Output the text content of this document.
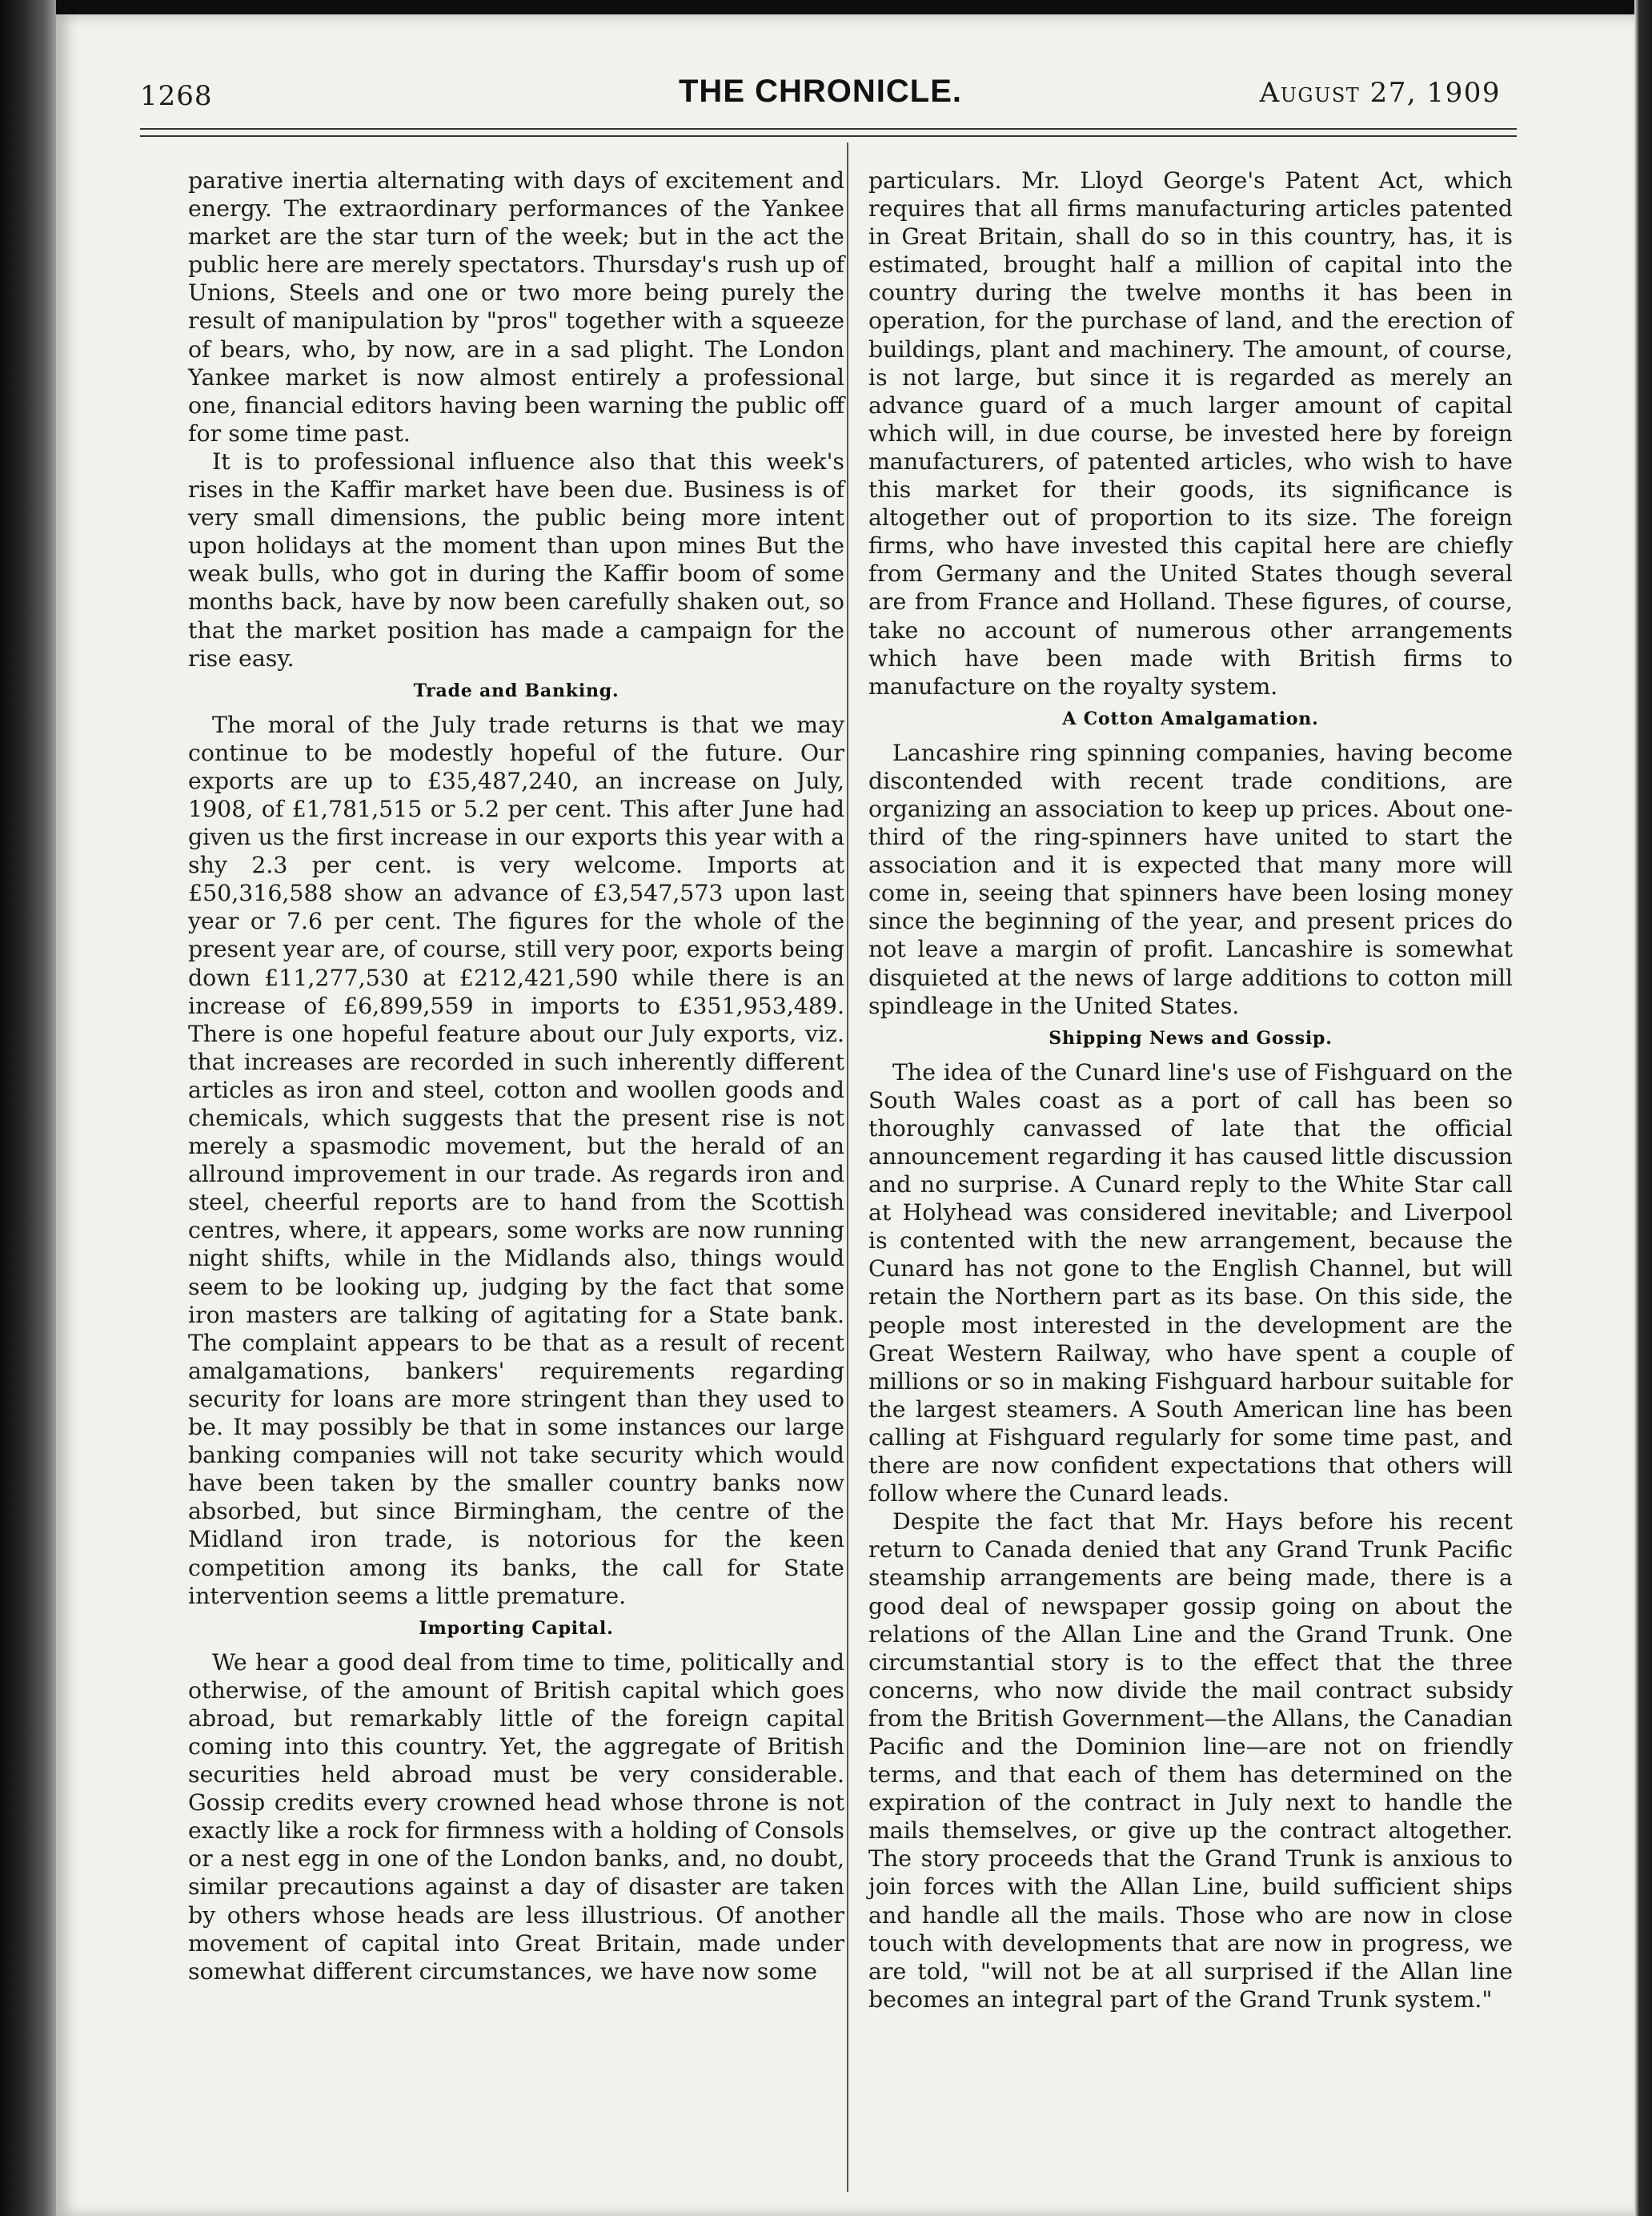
1268	THE CHRONICLE.	August 27, 1909

parative inertia alternating with days of excitement and energy. The extraordinary performances of the Yankee market are the star turn of the week; but in the act the public here are merely spectators. Thursday's rush up of Unions, Steels and one or two more being purely the result of manipulation by "pros" together with a squeeze of bears, who, by now, are in a sad plight. The London Yankee market is now almost entirely a professional one, financial editors having been warning the public off for some time past.

It is to professional influence also that this week's rises in the Kaffir market have been due. Business is of very small dimensions, the public being more intent upon holidays at the moment than upon mines But the weak bulls, who got in during the Kaffir boom of some months back, have by now been carefully shaken out, so that the market position has made a campaign for the rise easy.

Trade and Banking.

The moral of the July trade returns is that we may continue to be modestly hopeful of the future. Our exports are up to £35,487,240, an increase on July, 1908, of £1,781,515 or 5.2 per cent. This after June had given us the first increase in our exports this year with a shy 2.3 per cent. is very welcome. Imports at £50,316,588 show an advance of £3,547,573 upon last year or 7.6 per cent. The figures for the whole of the present year are, of course, still very poor, exports being down £11,277,530 at £212,421,590 while there is an increase of £6,899,559 in imports to £351,953,489. There is one hopeful feature about our July exports, viz. that increases are recorded in such inherently different articles as iron and steel, cotton and woollen goods and chemicals, which suggests that the present rise is not merely a spasmodic movement, but the herald of an allround improvement in our trade. As regards iron and steel, cheerful reports are to hand from the Scottish centres, where, it appears, some works are now running night shifts, while in the Midlands also, things would seem to be looking up, judging by the fact that some iron masters are talking of agitating for a State bank. The complaint appears to be that as a result of recent amalgamations, bankers' requirements regarding security for loans are more stringent than they used to be. It may possibly be that in some instances our large banking companies will not take security which would have been taken by the smaller country banks now absorbed, but since Birmingham, the centre of the Midland iron trade, is notorious for the keen competition among its banks, the call for State intervention seems a little premature.

Importing Capital.

We hear a good deal from time to time, politically and otherwise, of the amount of British capital which goes abroad, but remarkably little of the foreign capital coming into this country. Yet, the aggregate of British securities held abroad must be very considerable. Gossip credits every crowned head whose throne is not exactly like a rock for firmness with a holding of Consols or a nest egg in one of the London banks, and, no doubt, similar precautions against a day of disaster are taken by others whose heads are less illustrious. Of another movement of capital into Great Britain, made under somewhat different circumstances, we have now some

particulars. Mr. Lloyd George's Patent Act, which requires that all firms manufacturing articles patented in Great Britain, shall do so in this country, has, it is estimated, brought half a million of capital into the country during the twelve months it has been in operation, for the purchase of land, and the erection of buildings, plant and machinery. The amount, of course, is not large, but since it is regarded as merely an advance guard of a much larger amount of capital which will, in due course, be invested here by foreign manufacturers, of patented articles, who wish to have this market for their goods, its significance is altogether out of proportion to its size. The foreign firms, who have invested this capital here are chiefly from Germany and the United States though several are from France and Holland. These figures, of course, take no account of numerous other arrangements which have been made with British firms to manufacture on the royalty system.

A Cotton Amalgamation.

Lancashire ring spinning companies, having become discontended with recent trade conditions, are organizing an association to keep up prices. About one-third of the ring-spinners have united to start the association and it is expected that many more will come in, seeing that spinners have been losing money since the beginning of the year, and present prices do not leave a margin of profit. Lancashire is somewhat disquieted at the news of large additions to cotton mill spindleage in the United States.

Shipping News and Gossip.

The idea of the Cunard line's use of Fishguard on the South Wales coast as a port of call has been so thoroughly canvassed of late that the official announcement regarding it has caused little discussion and no surprise. A Cunard reply to the White Star call at Holyhead was considered inevitable; and Liverpool is contented with the new arrangement, because the Cunard has not gone to the English Channel, but will retain the Northern part as its base. On this side, the people most interested in the development are the Great Western Railway, who have spent a couple of millions or so in making Fishguard harbour suitable for the largest steamers. A South American line has been calling at Fishguard regularly for some time past, and there are now confident expectations that others will follow where the Cunard leads.

Despite the fact that Mr. Hays before his recent return to Canada denied that any Grand Trunk Pacific steamship arrangements are being made, there is a good deal of newspaper gossip going on about the relations of the Allan Line and the Grand Trunk. One circumstantial story is to the effect that the three concerns, who now divide the mail contract subsidy from the British Government—the Allans, the Canadian Pacific and the Dominion line—are not on friendly terms, and that each of them has determined on the expiration of the contract in July next to handle the mails themselves, or give up the contract altogether. The story proceeds that the Grand Trunk is anxious to join forces with the Allan Line, build sufficient ships and handle all the mails. Those who are now in close touch with developments that are now in progress, we are told, "will not be at all surprised if the Allan line becomes an integral part of the Grand Trunk system."
